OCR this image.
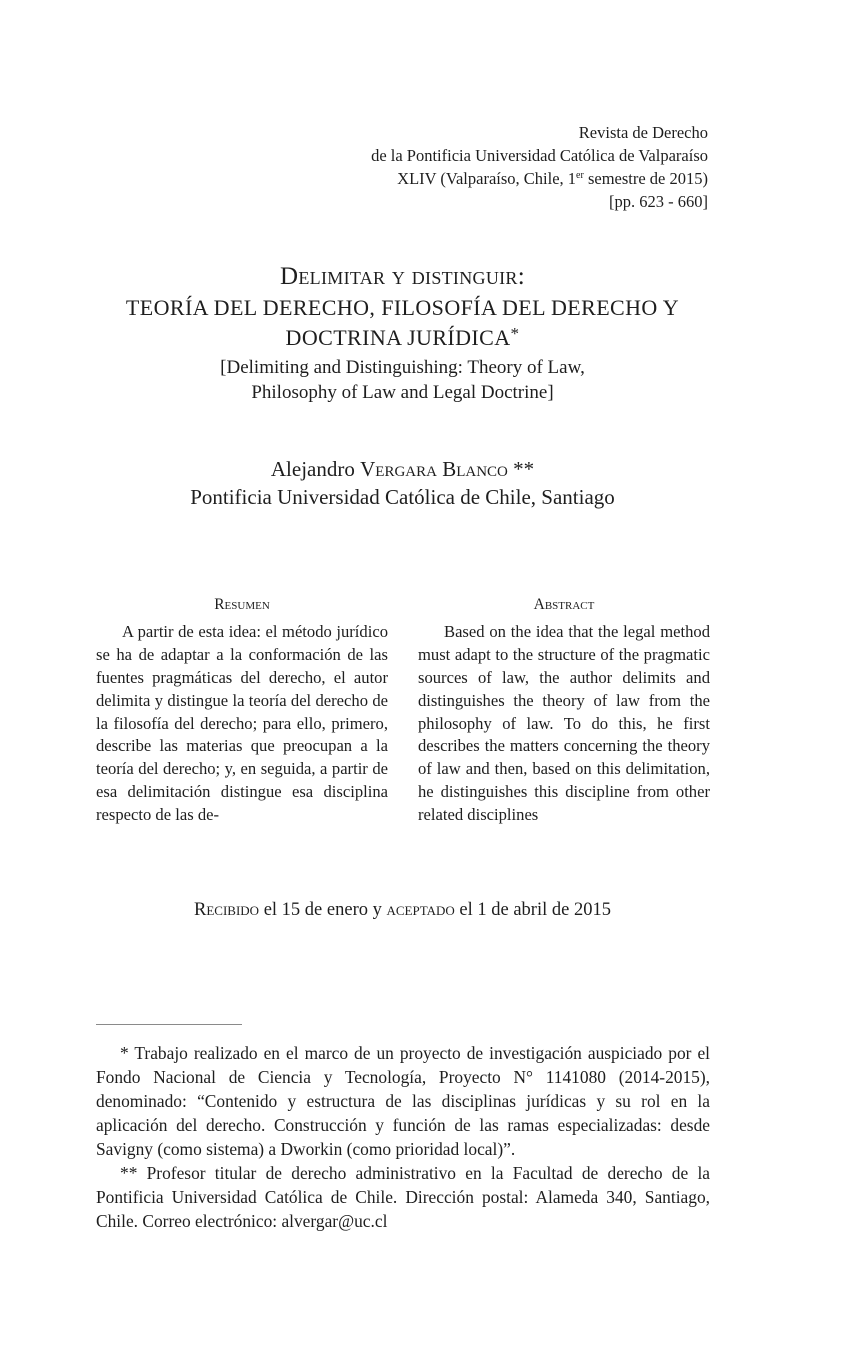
Revista de Derecho
de la Pontificia Universidad Católica de Valparaíso
XLIV (Valparaíso, Chile, 1er semestre de 2015)
[pp. 623 - 660]
Delimitar y distinguir:
TEORÍA DEL DERECHO, FILOSOFÍA DEL DERECHO Y
DOCTRINA JURÍDICA*
[Delimiting and Distinguishing: Theory of Law,
Philosophy of Law and Legal Doctrine]
Alejandro Vergara Blanco **
Pontificia Universidad Católica de Chile, Santiago
Resumen

A partir de esta idea: el método jurídico se ha de adaptar a la conformación de las fuentes pragmáticas del derecho, el autor delimita y distingue la teoría del derecho de la filosofía del derecho; para ello, primero, describe las materias que preocupan a la teoría del derecho; y, en seguida, a partir de esa delimitación distingue esa disciplina respecto de las de-

Abstract

Based on the idea that the legal method must adapt to the structure of the pragmatic sources of law, the author delimits and distinguishes the theory of law from the philosophy of law. To do this, he first describes the matters concerning the theory of law and then, based on this delimitation, he distinguishes this discipline from other related disciplines

Recibido el 15 de enero y aceptado el 1 de abril de 2015

* Trabajo realizado en el marco de un proyecto de investigación auspiciado por el Fondo Nacional de Ciencia y Tecnología, Proyecto N° 1141080 (2014-2015), denominado: “Contenido y estructura de las disciplinas jurídicas y su rol en la aplicación del derecho. Construcción y función de las ramas especializadas: desde Savigny (como sistema) a Dworkin (como prioridad local)”.

** Profesor titular de derecho administrativo en la Facultad de derecho de la Pontificia Universidad Católica de Chile. Dirección postal: Alameda 340, Santiago, Chile. Correo electrónico: alvergar@uc.cl
